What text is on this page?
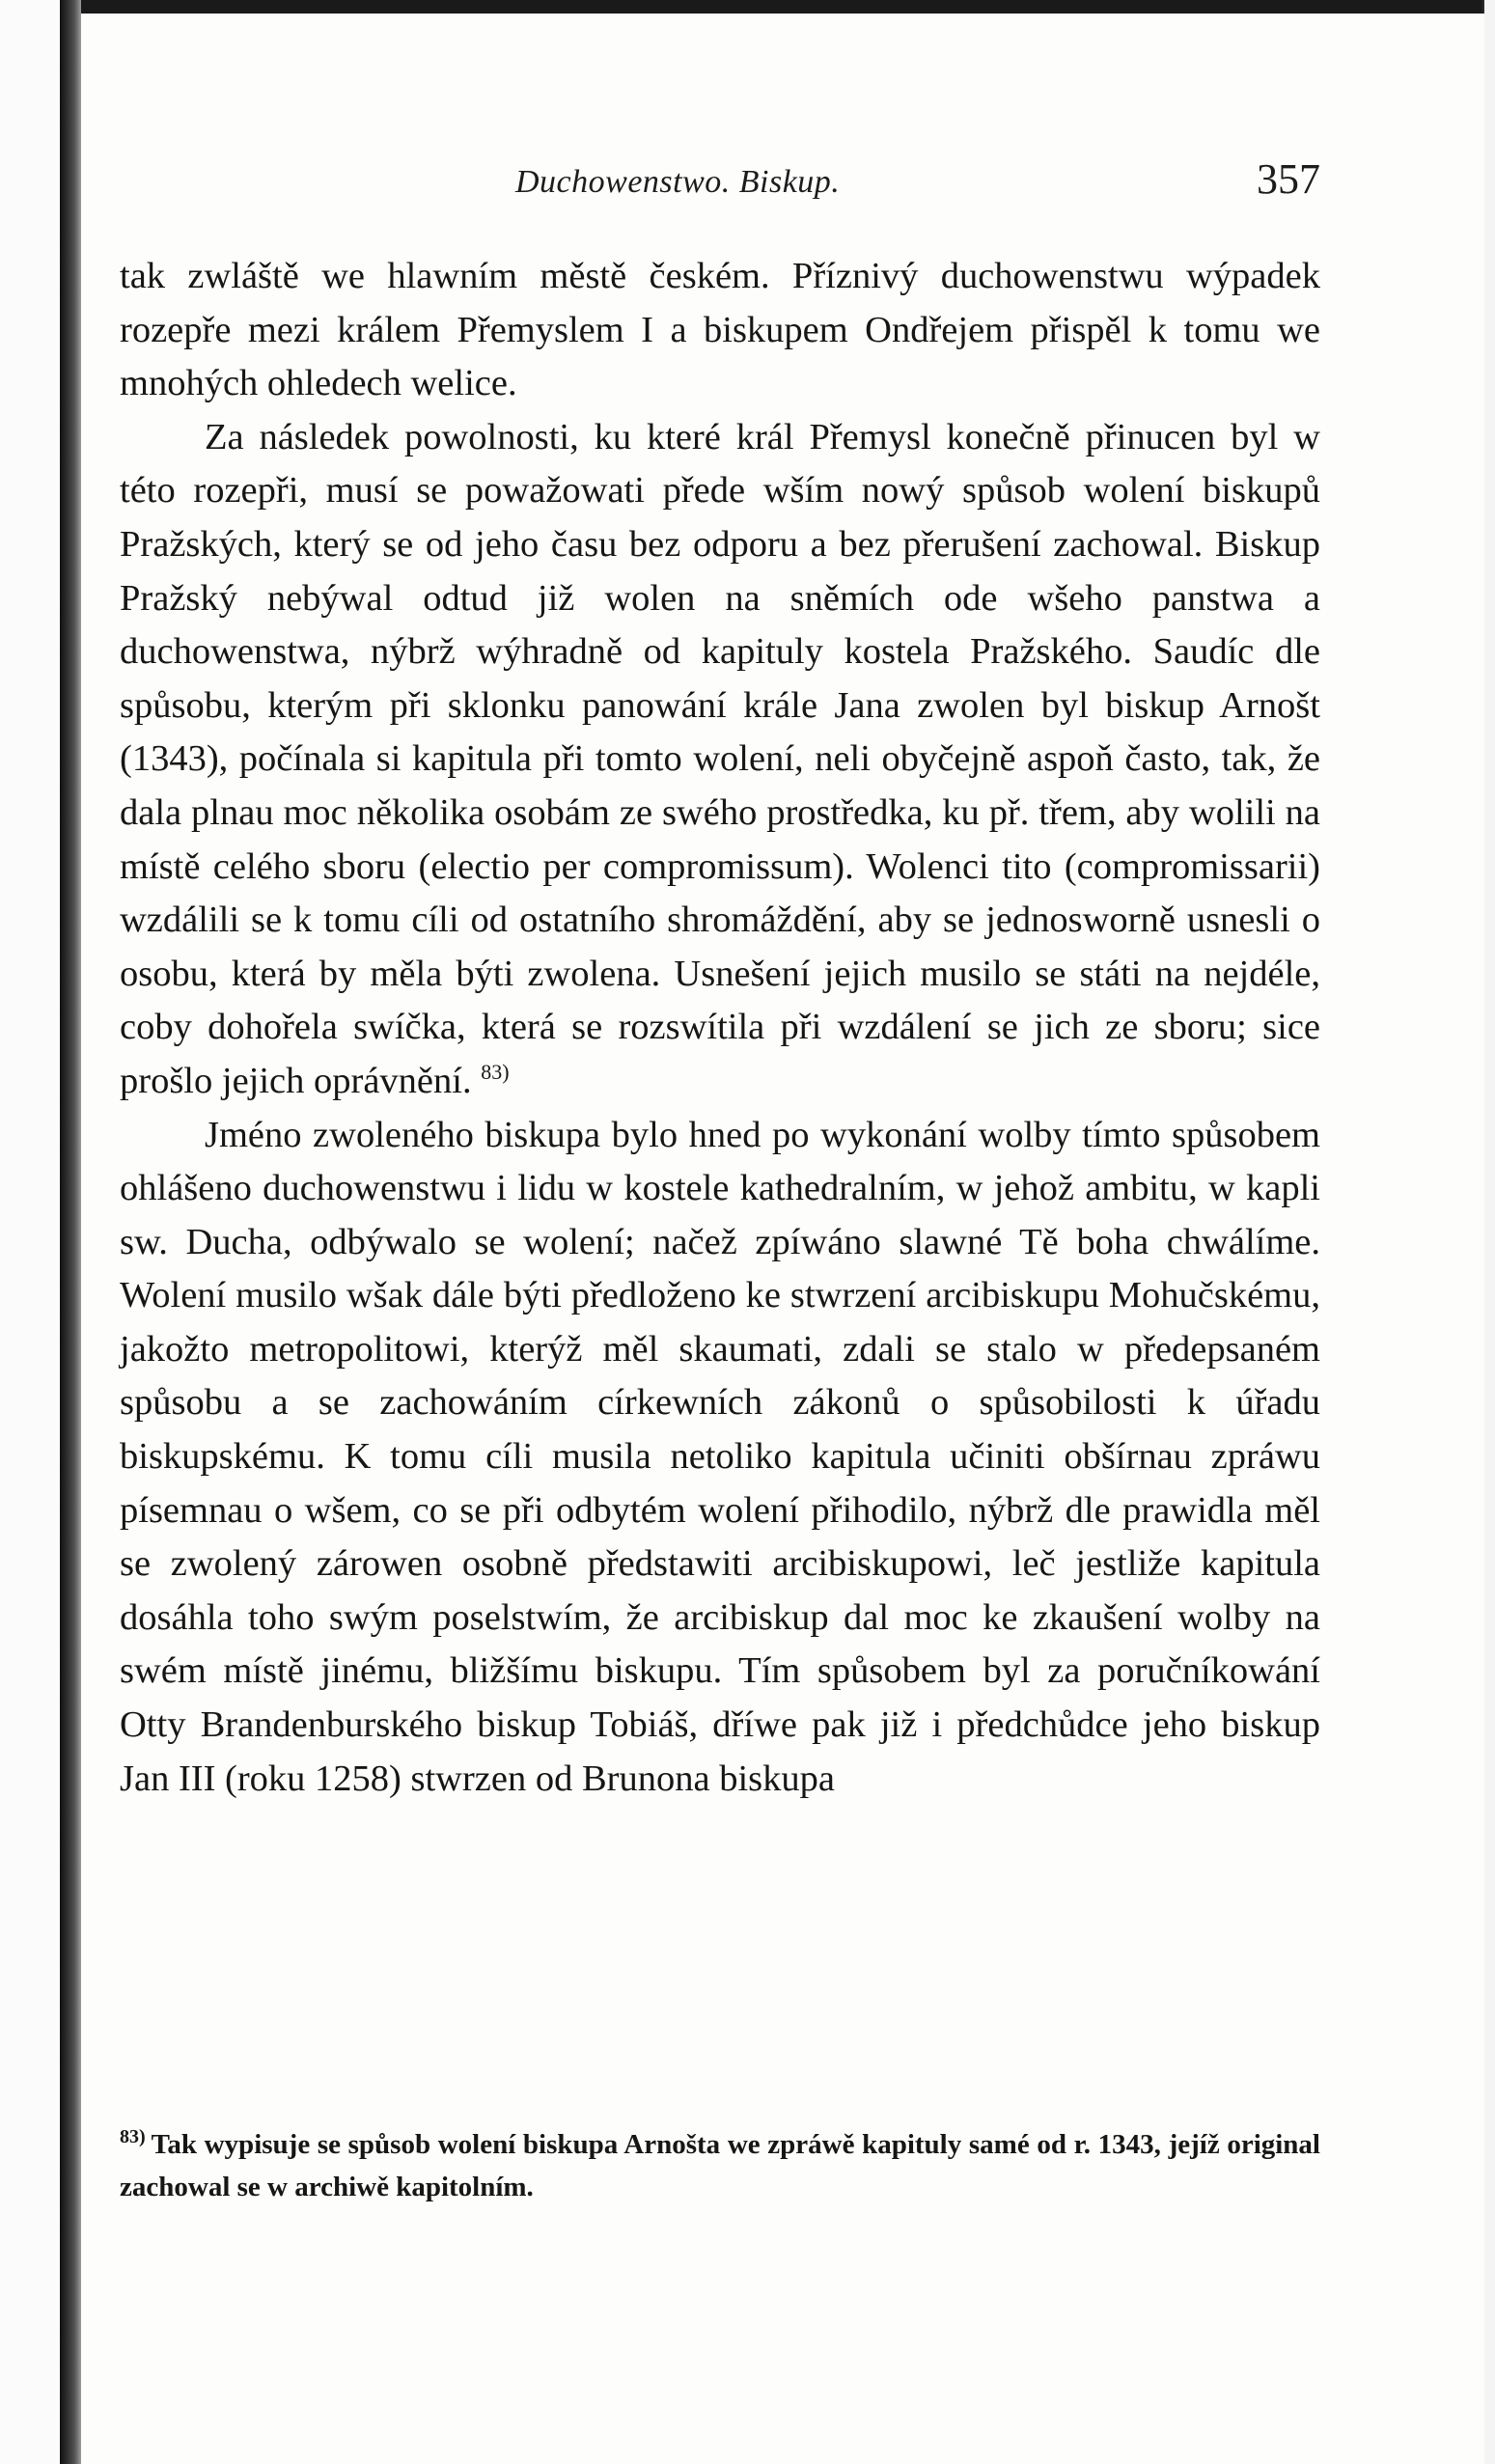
Duchowenstwo. Biskup.	357

tak zwláště we hlawním městě českém. Příznivý duchowenstwu wýpadek rozepře mezi králem Přemyslem I a biskupem Ondřejem přispěl k tomu we mnohých ohledech welice.

Za následek powolnosti, ku které král Přemysl konečně přinucen byl w této rozepři, musí se powažowati přede wším nowý spůsob wolení biskupů Pražských, který se od jeho času bez odporu a bez přerušení zachowal. Biskup Pražský nebýwal odtud již wolen na sněmích ode wšeho panstwa a duchowenstwa, nýbrž wýhradně od kapituly kostela Pražského. Saudíc dle spůsobu, kterým při sklonku panowání krále Jana zwolen byl biskup Arnošt (1343), počínala si kapitula při tomto wolení, neli obyčejně aspoň často, tak, že dala plnau moc několika osobám ze swého prostředka, ku př. třem, aby wolili na místě celého sboru (electio per compromissum). Wolenci tito (compromissarii) wzdálili se k tomu cíli od ostatního shromáždění, aby se jednosworně usnesli o osobu, která by měla býti zwolena. Usnešení jejich musilo se státi na nejdéle, coby dohořela swíčka, která se rozswítila při wzdálení se jich ze sboru; sice prošlo jejich oprávnění. $^{83)}$

Jméno zwoleného biskupa bylo hned po wykonání wolby tímto spůsobem ohlášeno duchowenstwu i lidu w kostele kathedralním, w jehož ambitu, w kapli sw. Ducha, odbýwalo se wolení; načež zpíwáno slawné Tě boha chwálíme. Wolení musilo wšak dále býti předloženo ke stwrzení arcibiskupu Mohučskému, jakožto metropolitowi, kterýž měl skaumati, zdali se stalo w předepsaném spůsobu a se zachowáním církewních zákonů o spůsobilosti k úřadu biskupskému. K tomu cíli musila netoliko kapitula učiniti obšírnau zpráwu písemnau o wšem, co se při odbytém wolení přihodilo, nýbrž dle prawidla měl se zwolený zárowen osobně předstawiti arcibiskupowi, leč jestliže kapitula dosáhla toho swým poselstwím, že arcibiskup dal moc ke zkaušení wolby na swém místě jinému, bližšímu biskupu. Tím spůsobem byl za poručníkowání Otty Brandenburského biskup Tobiáš, dříwe pak již i předchůdce jeho biskup Jan III (roku 1258) stwrzen od Brunona biskupa

$^{83)}$ Tak wypisuje se spůsob wolení biskupa Arnošta we zpráwě kapituly samé od r. 1343, jejíž original zachowal se w archiwě kapitolním.
